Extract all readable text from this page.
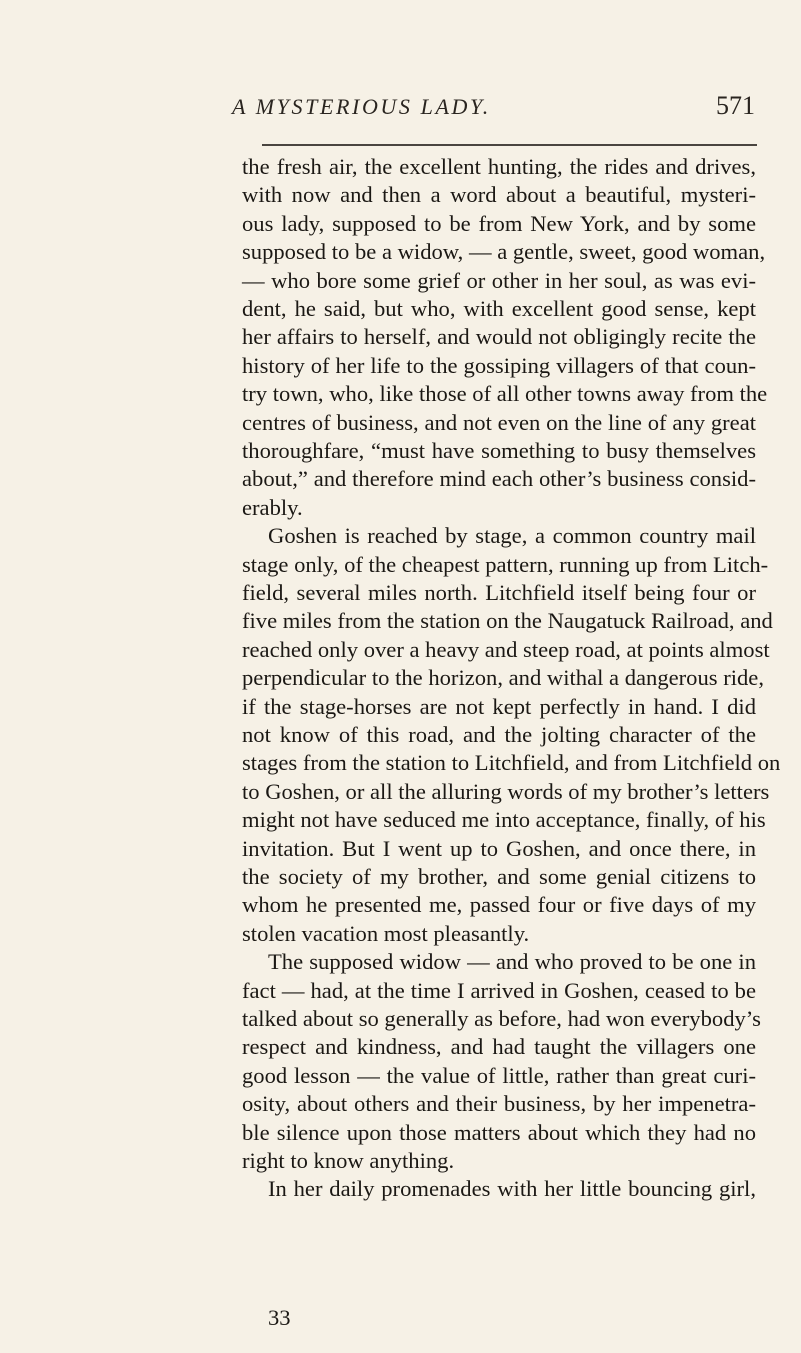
A MYSTERIOUS LADY.	571
the fresh air, the excellent hunting, the rides and drives,
with now and then a word about a beautiful, mysteri-
ous lady, supposed to be from New York, and by some
supposed to be a widow, — a gentle, sweet, good woman,
— who bore some grief or other in her soul, as was evi-
dent, he said, but who, with excellent good sense, kept
her affairs to herself, and would not obligingly recite the
history of her life to the gossiping villagers of that coun-
try town, who, like those of all other towns away from the
centres of business, and not even on the line of any great
thoroughfare, “must have something to busy themselves
about,” and therefore mind each other’s business consid-
erably.
Goshen is reached by stage, a common country mail
stage only, of the cheapest pattern, running up from Litch-
field, several miles north. Litchfield itself being four or
five miles from the station on the Naugatuck Railroad, and
reached only over a heavy and steep road, at points almost
perpendicular to the horizon, and withal a dangerous ride,
if the stage-horses are not kept perfectly in hand. I did
not know of this road, and the jolting character of the
stages from the station to Litchfield, and from Litchfield on
to Goshen, or all the alluring words of my brother’s letters
might not have seduced me into acceptance, finally, of his
invitation. But I went up to Goshen, and once there, in
the society of my brother, and some genial citizens to
whom he presented me, passed four or five days of my
stolen vacation most pleasantly.
The supposed widow — and who proved to be one in
fact — had, at the time I arrived in Goshen, ceased to be
talked about so generally as before, had won everybody’s
respect and kindness, and had taught the villagers one
good lesson — the value of little, rather than great curi-
osity, about others and their business, by her impenetra-
ble silence upon those matters about which they had no
right to know anything.
In her daily promenades with her little bouncing girl,
33
